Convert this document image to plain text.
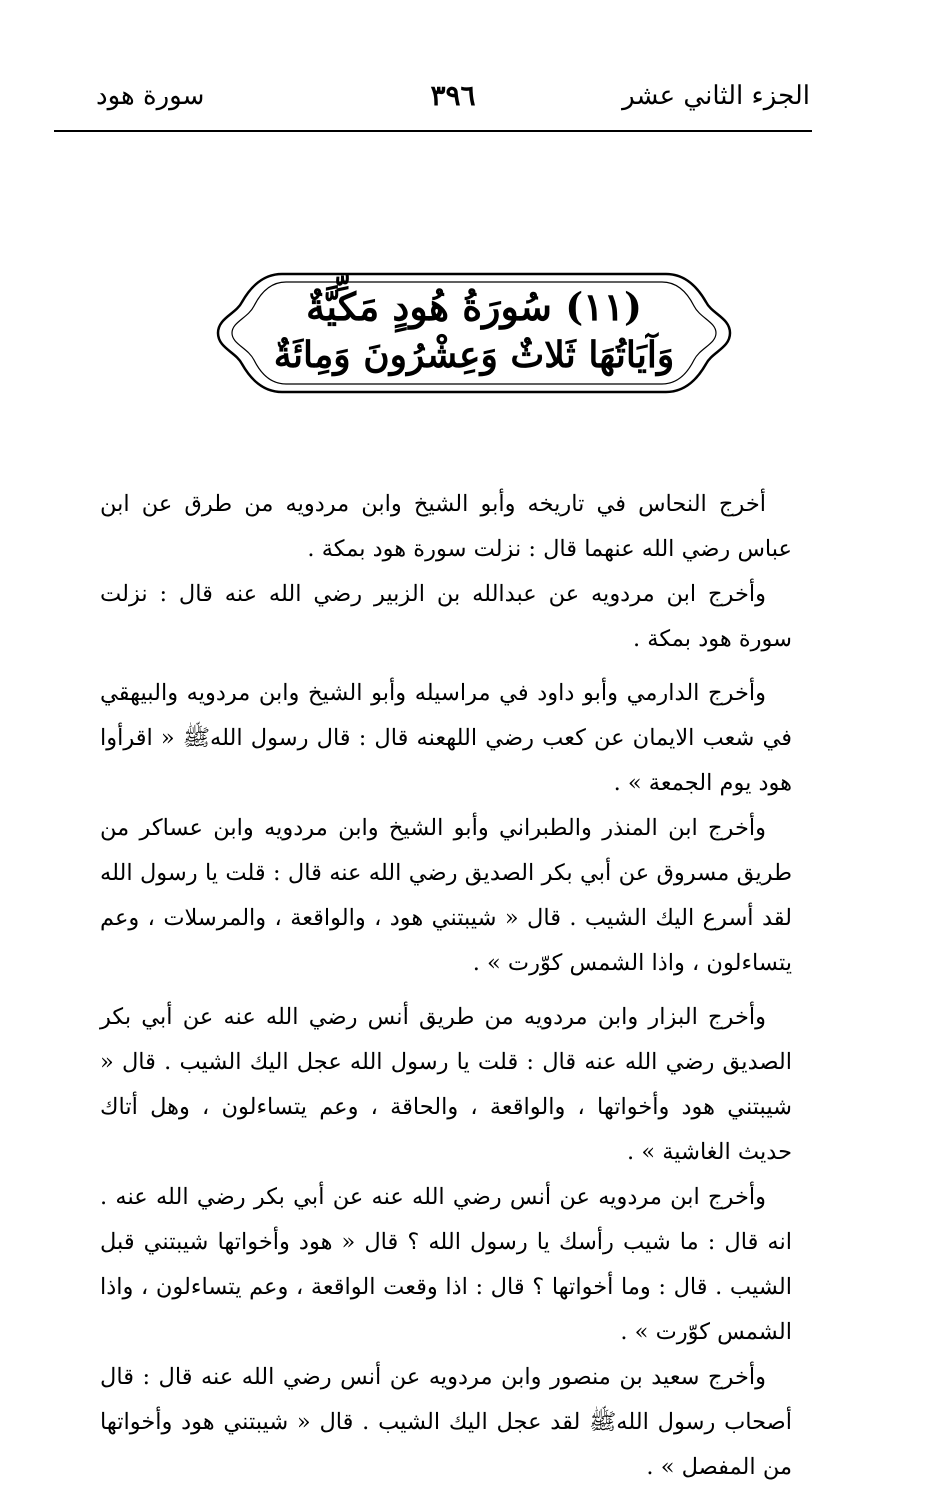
الجزء الثاني عشر
٣٩٦
سورة هود
(١١) سُورَةُ هُودٍ مَكِّيَّةٌ
وَآيَاتُهَا ثَلاثٌ وَعِشْرُونَ وَمِائَةٌ

أخرج النحاس في تاريخه وأبو الشيخ وابن مردويه من طرق عن ابن عباس رضي الله عنهما قال : نزلت سورة هود بمكة .

وأخرج ابن مردويه عن عبدالله بن الزبير رضي الله عنه قال : نزلت سورة هود بمكة .

وأخرج الدارمي وأبو داود في مراسيله وأبو الشيخ وابن مردويه والبيهقي في شعب الايمان عن كعب رضي اللهعنه قال : قال رسول اللهﷺ « اقرأوا هود يوم الجمعة » .

وأخرج ابن المنذر والطبراني وأبو الشيخ وابن مردويه وابن عساكر من طريق مسروق عن أبي بكر الصديق رضي الله عنه قال : قلت يا رسول الله لقد أسرع اليك الشيب . قال « شيبتني هود ، والواقعة ، والمرسلات ، وعم يتساءلون ، واذا الشمس كوّرت » .

وأخرج البزار وابن مردويه من طريق أنس رضي الله عنه عن أبي بكر الصديق رضي الله عنه قال : قلت يا رسول الله عجل اليك الشيب . قال « شيبتني هود وأخواتها ، والواقعة ، والحاقة ، وعم يتساءلون ، وهل أتاك حديث الغاشية » .

وأخرج ابن مردويه عن أنس رضي الله عنه عن أبي بكر رضي الله عنه . انه قال : ما شيب رأسك يا رسول الله ؟ قال « هود وأخواتها شيبتني قبل الشيب . قال : وما أخواتها ؟ قال : اذا وقعت الواقعة ، وعم يتساءلون ، واذا الشمس كوّرت » .

وأخرج سعيد بن منصور وابن مردويه عن أنس رضي الله عنه قال : قال أصحاب رسول اللهﷺ لقد عجل اليك الشيب . قال « شيبتني هود وأخواتها من المفصل » .
